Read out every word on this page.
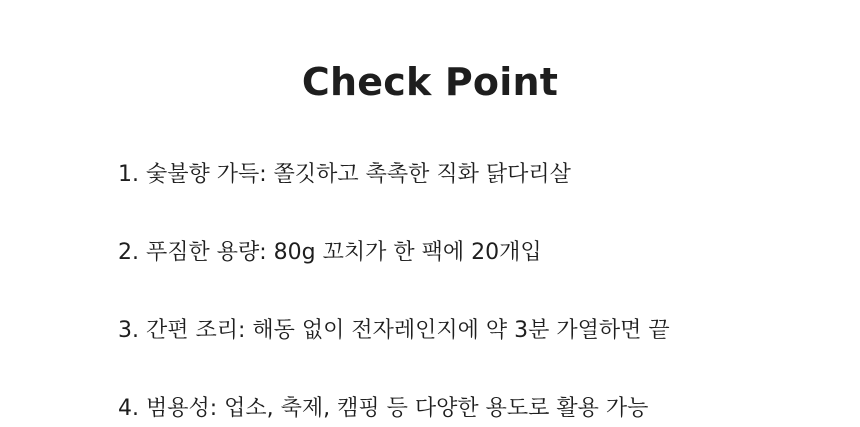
Check Point
1. 숯불향 가득: 쫄깃하고 촉촉한 직화 닭다리살
2. 푸짐한 용량: 80g 꼬치가 한 팩에 20개입
3. 간편 조리: 해동 없이 전자레인지에 약 3분 가열하면 끝
4. 범용성: 업소, 축제, 캠핑 등 다양한 용도로 활용 가능
